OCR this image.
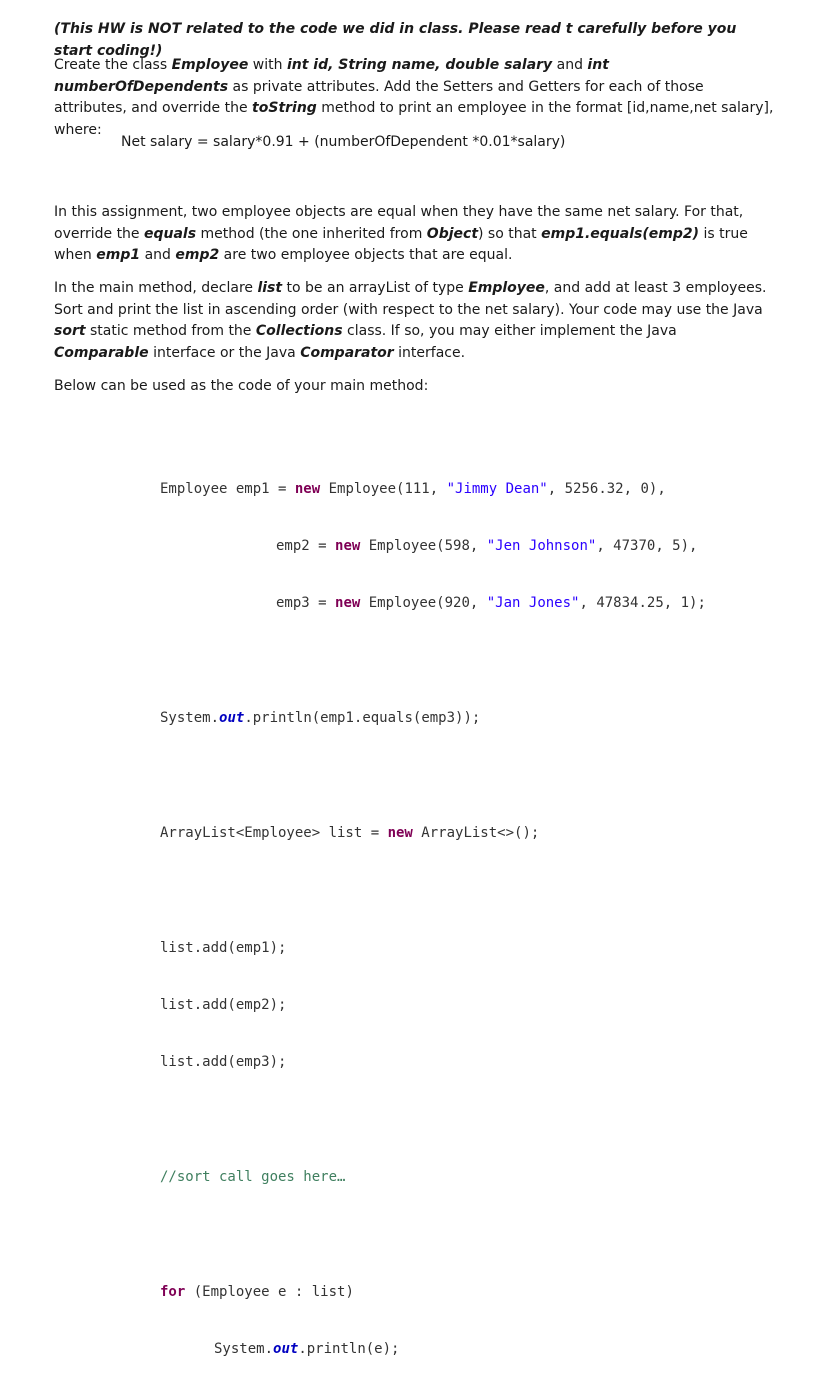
(This HW is NOT related to the code we did in class. Please read t carefully before you start coding!)

Create the class Employee with int id, String name, double salary and int numberOfDependents as private attributes. Add the Setters and Getters for each of those attributes, and override the toString method to print an employee in the format [id,name,net salary], where:

Net salary = salary*0.91 + (numberOfDependent *0.01*salary)

In this assignment, two employee objects are equal when they have the same net salary. For that, override the equals method (the one inherited from Object) so that emp1.equals(emp2) is true when emp1 and emp2 are two employee objects that are equal.

In the main method, declare list to be an arrayList of type Employee, and add at least 3 employees. Sort and print the list in ascending order (with respect to the net salary). Your code may use the Java sort static method from the Collections class. If so, you may either implement the Java Comparable interface or the Java Comparator interface.

Below can be used as the code of your main method:

Employee emp1 = new Employee(111, "Jimmy Dean", 5256.32, 0),

emp2 = new Employee(598, "Jen Johnson", 47370, 5),

emp3 = new Employee(920, "Jan Jones", 47834.25, 1);

System.out.println(emp1.equals(emp3));

ArrayList<Employee> list = new ArrayList<>();

list.add(emp1);

list.add(emp2);

list.add(emp3);

//sort call goes here…

for (Employee e : list)

System.out.println(e);
